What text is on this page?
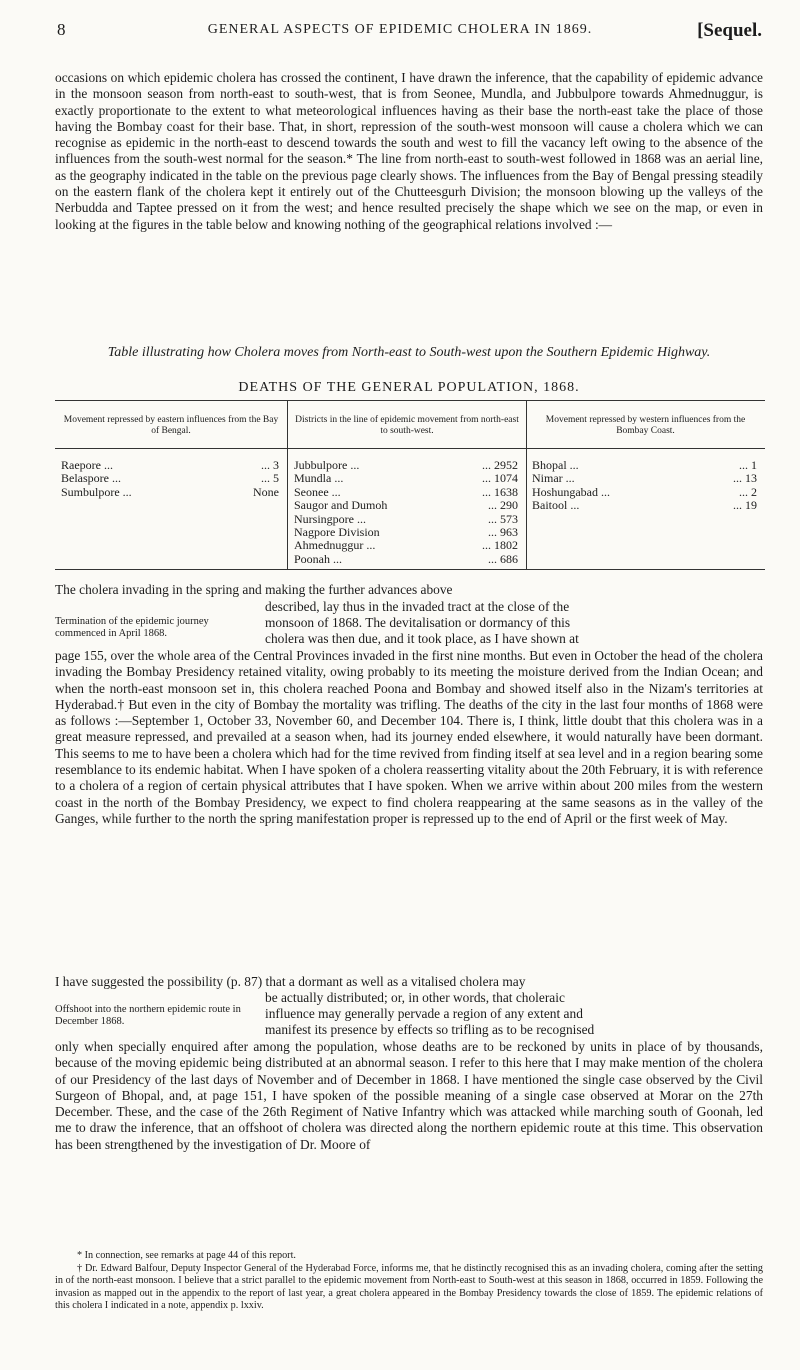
8	GENERAL ASPECTS OF EPIDEMIC CHOLERA IN 1869.	[Sequel.

occasions on which epidemic cholera has crossed the continent, I have drawn the inference, that the capability of epidemic advance in the monsoon season from north-east to south-west, that is from Seonee, Mundla, and Jubbulpore towards Ahmednuggur, is exactly proportionate to the extent to what meteorological influences having as their base the north-east take the place of those having the Bombay coast for their base. That, in short, repression of the south-west monsoon will cause a cholera which we can recognise as epidemic in the north-east to descend towards the south and west to fill the vacancy left owing to the absence of the influences from the south-west normal for the season.* The line from north-east to south-west followed in 1868 was an aerial line, as the geography indicated in the table on the previous page clearly shows. The influences from the Bay of Bengal pressing steadily on the eastern flank of the cholera kept it entirely out of the Chutteesgurh Division; the monsoon blowing up the valleys of the Nerbudda and Taptee pressed on it from the west; and hence resulted precisely the shape which we see on the map, or even in looking at the figures in the table below and knowing nothing of the geographical relations involved :—

Table illustrating how Cholera moves from North-east to South-west upon the Southern Epidemic Highway.
DEATHS OF THE GENERAL POPULATION, 1868.
Movement repressed by eastern influences from the Bay of Bengal.
Raepore ...	... 3
Belaspore ...	... 5
Sumbulpore ...	None
Districts in the line of epidemic movement from north-east to south-west.
Jubbulpore ...	... 2952
Mundla ...	... 1074
Seonee ...	... 1638
Saugor and Dumoh	... 290
Nursingpore ...	... 573
Nagpore Division	... 963
Ahmednuggur ...	... 1802
Poonah ...	... 686
Movement repressed by western influences from the Bombay Coast.
Bhopal ...	... 1
Nimar ...	... 13
Hoshungabad ...	... 2
Baitool ...	... 19
The cholera invading in the spring and making the further advances above
Termination of the epidemic journey commenced in April 1868.
described, lay thus in the invaded tract at the close of the
monsoon of 1868. The devitalisation or dormancy of this
cholera was then due, and it took place, as I have shown at
page 155, over the whole area of the Central Provinces invaded in the first nine months. But even in October the head of the cholera invading the Bombay Presidency retained vitality, owing probably to its meeting the moisture derived from the Indian Ocean; and when the north-east monsoon set in, this cholera reached Poona and Bombay and showed itself also in the Nizam's territories at Hyderabad.† But even in the city of Bombay the mortality was trifling. The deaths of the city in the last four months of 1868 were as follows :—September 1, October 33, November 60, and December 104. There is, I think, little doubt that this cholera was in a great measure repressed, and prevailed at a season when, had its journey ended elsewhere, it would naturally have been dormant. This seems to me to have been a cholera which had for the time revived from finding itself at sea level and in a region bearing some resemblance to its endemic habitat. When I have spoken of a cholera reasserting vitality about the 20th February, it is with reference to a cholera of a region of certain physical attributes that I have spoken. When we arrive within about 200 miles from the western coast in the north of the Bombay Presidency, we expect to find cholera reappearing at the same seasons as in the valley of the Ganges, while further to the north the spring manifestation proper is repressed up to the end of April or the first week of May.
I have suggested the possibility (p. 87) that a dormant as well as a vitalised cholera may
Offshoot into the northern epidemic route in December 1868.
be actually distributed; or, in other words, that choleraic
influence may generally pervade a region of any extent and
manifest its presence by effects so trifling as to be recognised
only when specially enquired after among the population, whose deaths are to be reckoned by units in place of by thousands, because of the moving epidemic being distributed at an abnormal season. I refer to this here that I may make mention of the cholera of our Presidency of the last days of November and of December in 1868. I have mentioned the single case observed by the Civil Surgeon of Bhopal, and, at page 151, I have spoken of the possible meaning of a single case observed at Morar on the 27th December. These, and the case of the 26th Regiment of Native Infantry which was attacked while marching south of Goonah, led me to draw the inference, that an offshoot of cholera was directed along the northern epidemic route at this time. This observation has been strengthened by the investigation of Dr. Moore of

* In connection, see remarks at page 44 of this report.

† Dr. Edward Balfour, Deputy Inspector General of the Hyderabad Force, informs me, that he distinctly recognised this as an invading cholera, coming after the setting in of the north-east monsoon. I believe that a strict parallel to the epidemic movement from North-east to South-west at this season in 1868, occurred in 1859. Following the invasion as mapped out in the appendix to the report of last year, a great cholera appeared in the Bombay Presidency towards the close of 1859. The epidemic relations of this cholera I indicated in a note, appendix p. lxxiv.
